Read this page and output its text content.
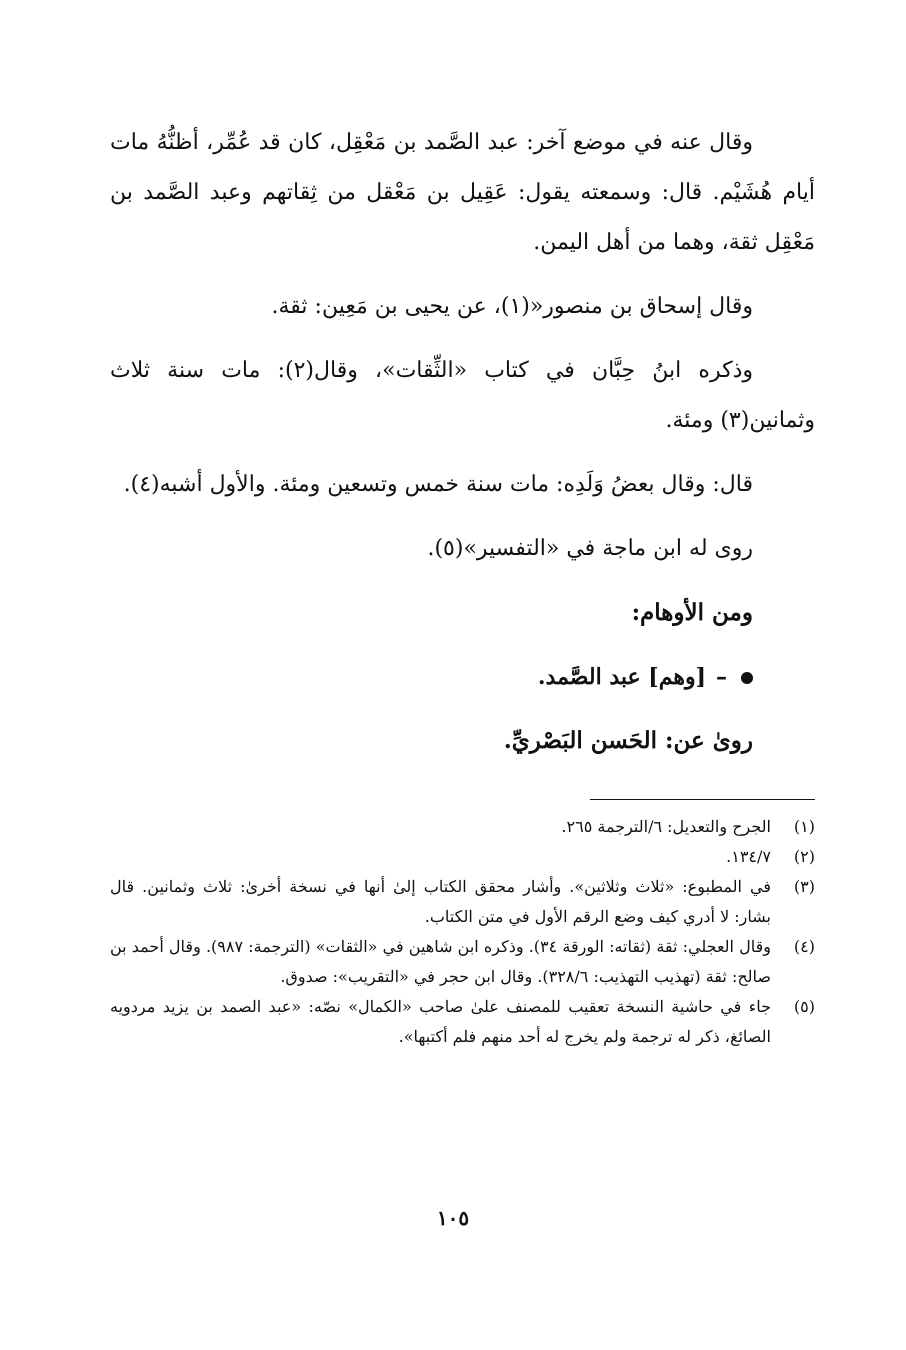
وقال عنه في موضع آخر: عبد الصَّمد بن مَعْقِل، كان قد عُمِّر، أظنُّهُ مات أيام هُشَيْم. قال: وسمعته يقول: عَقِيل بن مَعْقل من ثِقاتهم وعبد الصَّمد بن مَعْقِل ثقة، وهما من أهل اليمن.

وقال إسحاق بن منصور«(١)، عن يحيى بن مَعِين: ثقة.

وذكره ابنُ حِبَّان في كتاب «الثِّقات»، وقال(٢): مات سنة ثلاث وثمانين(٣) ومئة.

قال: وقال بعضُ وَلَدِه: مات سنة خمس وتسعين ومئة. والأول أشبه(٤).

روى له ابن ماجة في «التفسير»(٥).

ومن الأوهام:

–[وهم] عبد الصَّمد.

روىٰ عن: الحَسن البَصْريِّ.

(١)
الجرح والتعديل: ٦/الترجمة ٢٦٥.
(٢)
١٣٤/٧.
(٣)
في المطبوع: «ثلاث وثلاثين». وأشار محقق الكتاب إلىٰ أنها في نسخة أخرىٰ: ثلاث وثمانين. قال بشار: لا أدري كيف وضع الرقم الأول في متن الكتاب.
(٤)
وقال العجلي: ثقة (ثقاته: الورقة ٣٤). وذكره ابن شاهين في «الثقات» (الترجمة: ٩٨٧). وقال أحمد بن صالح: ثقة (تهذيب التهذيب: ٣٢٨/٦). وقال ابن حجر في «التقريب»: صدوق.
(٥)
جاء في حاشية النسخة تعقيب للمصنف علىٰ صاحب «الكمال» نصّه: «عبد الصمد بن يزيد مردويه الصائغ، ذكر له ترجمة ولم يخرج له أحد منهم فلم أكتبها».
١٠٥
